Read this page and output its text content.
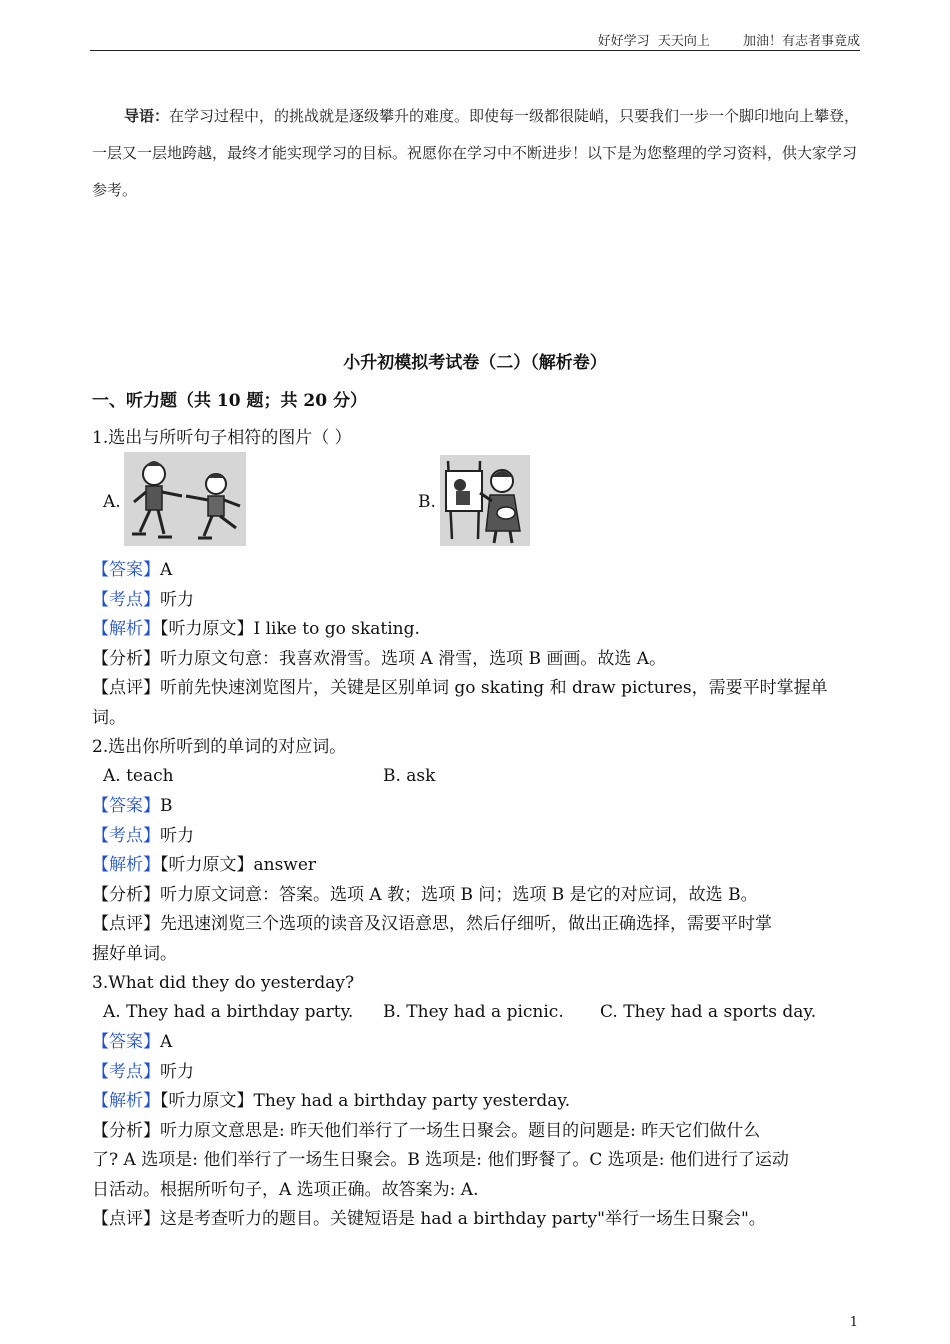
好好学习  天天向上        加油！有志者事竟成
导语：在学习过程中，的挑战就是逐级攀升的难度。即使每一级都很陡峭，只要我们一步一个脚印地向上攀登，一层又一层地跨越，最终才能实现学习的目标。祝愿你在学习中不断进步！以下是为您整理的学习资料，供大家学习参考。
小升初模拟考试卷（二）（解析卷）
一、听力题（共 10 题；共 20 分）
1.选出与所听句子相符的图片（ ）
A.	B.
【答案】A
【考点】听力
【解析】【听力原文】I like to go skating.
【分析】听力原文句意：我喜欢滑雪。选项 A 滑雪，选项 B 画画。故选 A。
【点评】听前先快速浏览图片，关键是区别单词 go skating 和 draw pictures，需要平时掌握单
词。
2.选出你所听到的单词的对应词。
A. teach	B. ask
【答案】B
【考点】听力
【解析】【听力原文】answer
【分析】听力原文词意：答案。选项 A 教；选项 B 问；选项 B 是它的对应词，故选 B。
【点评】先迅速浏览三个选项的读音及汉语意思，然后仔细听，做出正确选择，需要平时掌
握好单词。
3.What did they do yesterday?
A. They had a birthday party. B. They had a picnic. C. They had a sports day.
【答案】A
【考点】听力
【解析】【听力原文】They had a birthday party yesterday.
【分析】听力原文意思是: 昨天他们举行了一场生日聚会。题目的问题是: 昨天它们做什么
了? A 选项是: 他们举行了一场生日聚会。B 选项是: 他们野餐了。C 选项是: 他们进行了运动
日活动。根据所听句子，A 选项正确。故答案为: A.
【点评】这是考查听力的题目。关键短语是 had a birthday party"举行一场生日聚会"。
1
